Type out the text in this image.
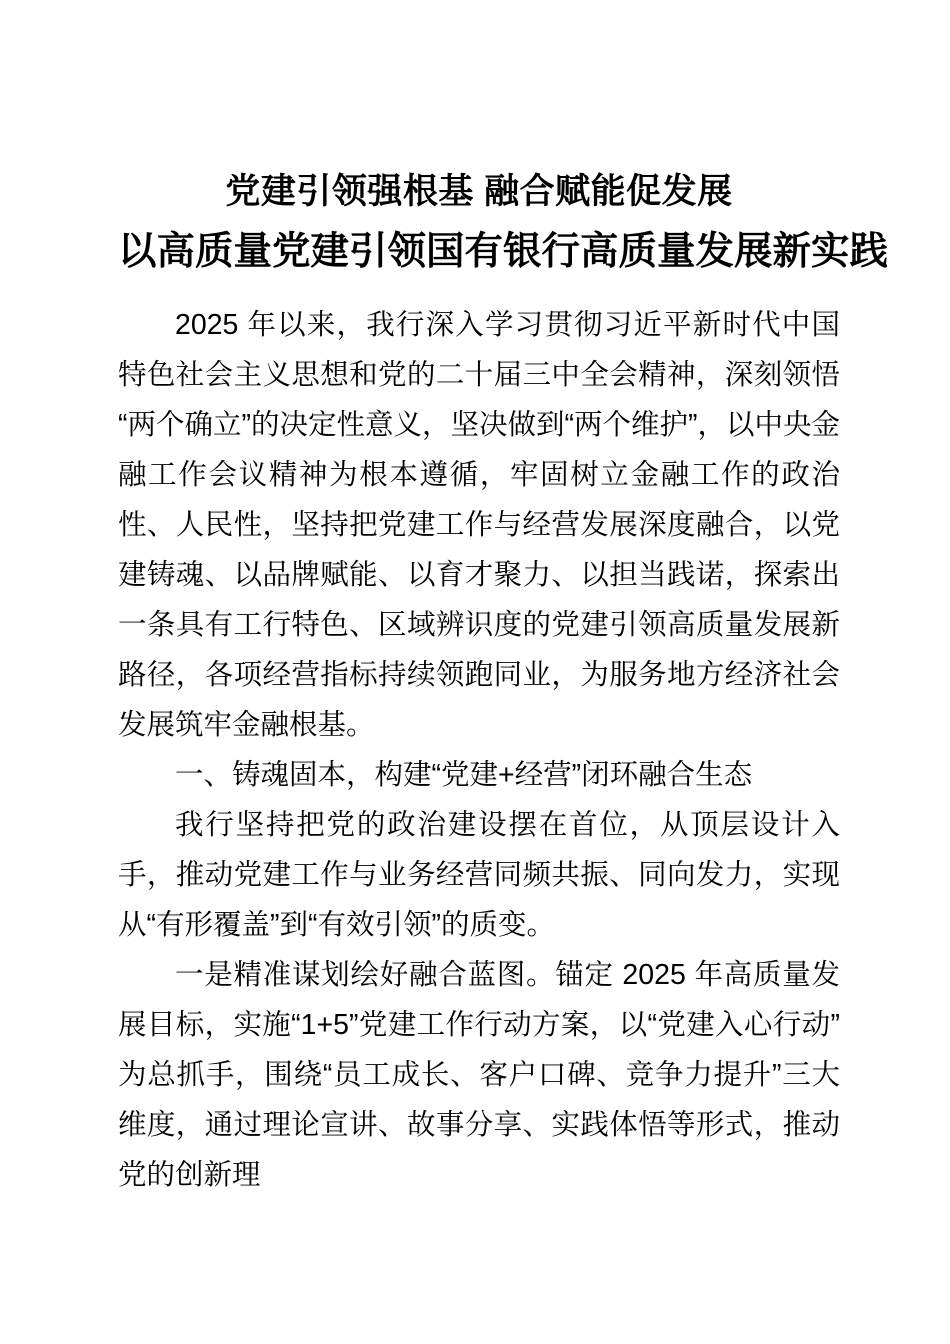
党建引领强根基 融合赋能促发展
以高质量党建引领国有银行高质量发展新实践

2025 年以来，我行深入学习贯彻习近平新时代中国特色社会主义思想和党的二十届三中全会精神，深刻领悟“两个确立”的决定性意义，坚决做到“两个维护”，以中央金融工作会议精神为根本遵循，牢固树立金融工作的政治性、人民性，坚持把党建工作与经营发展深度融合，以党建铸魂、以品牌赋能、以育才聚力、以担当践诺，探索出一条具有工行特色、区域辨识度的党建引领高质量发展新路径，各项经营指标持续领跑同业，为服务地方经济社会发展筑牢金融根基。

一、铸魂固本，构建“党建+经营”闭环融合生态

我行坚持把党的政治建设摆在首位，从顶层设计入手，推动党建工作与业务经营同频共振、同向发力，实现从“有形覆盖”到“有效引领”的质变。

一是精准谋划绘好融合蓝图。锚定 2025 年高质量发展目标，实施“1+5”党建工作行动方案，以“党建入心行动”为总抓手，围绕“员工成长、客户口碑、竞争力提升”三大维度，通过理论宣讲、故事分享、实践体悟等形式，推动党的创新理
